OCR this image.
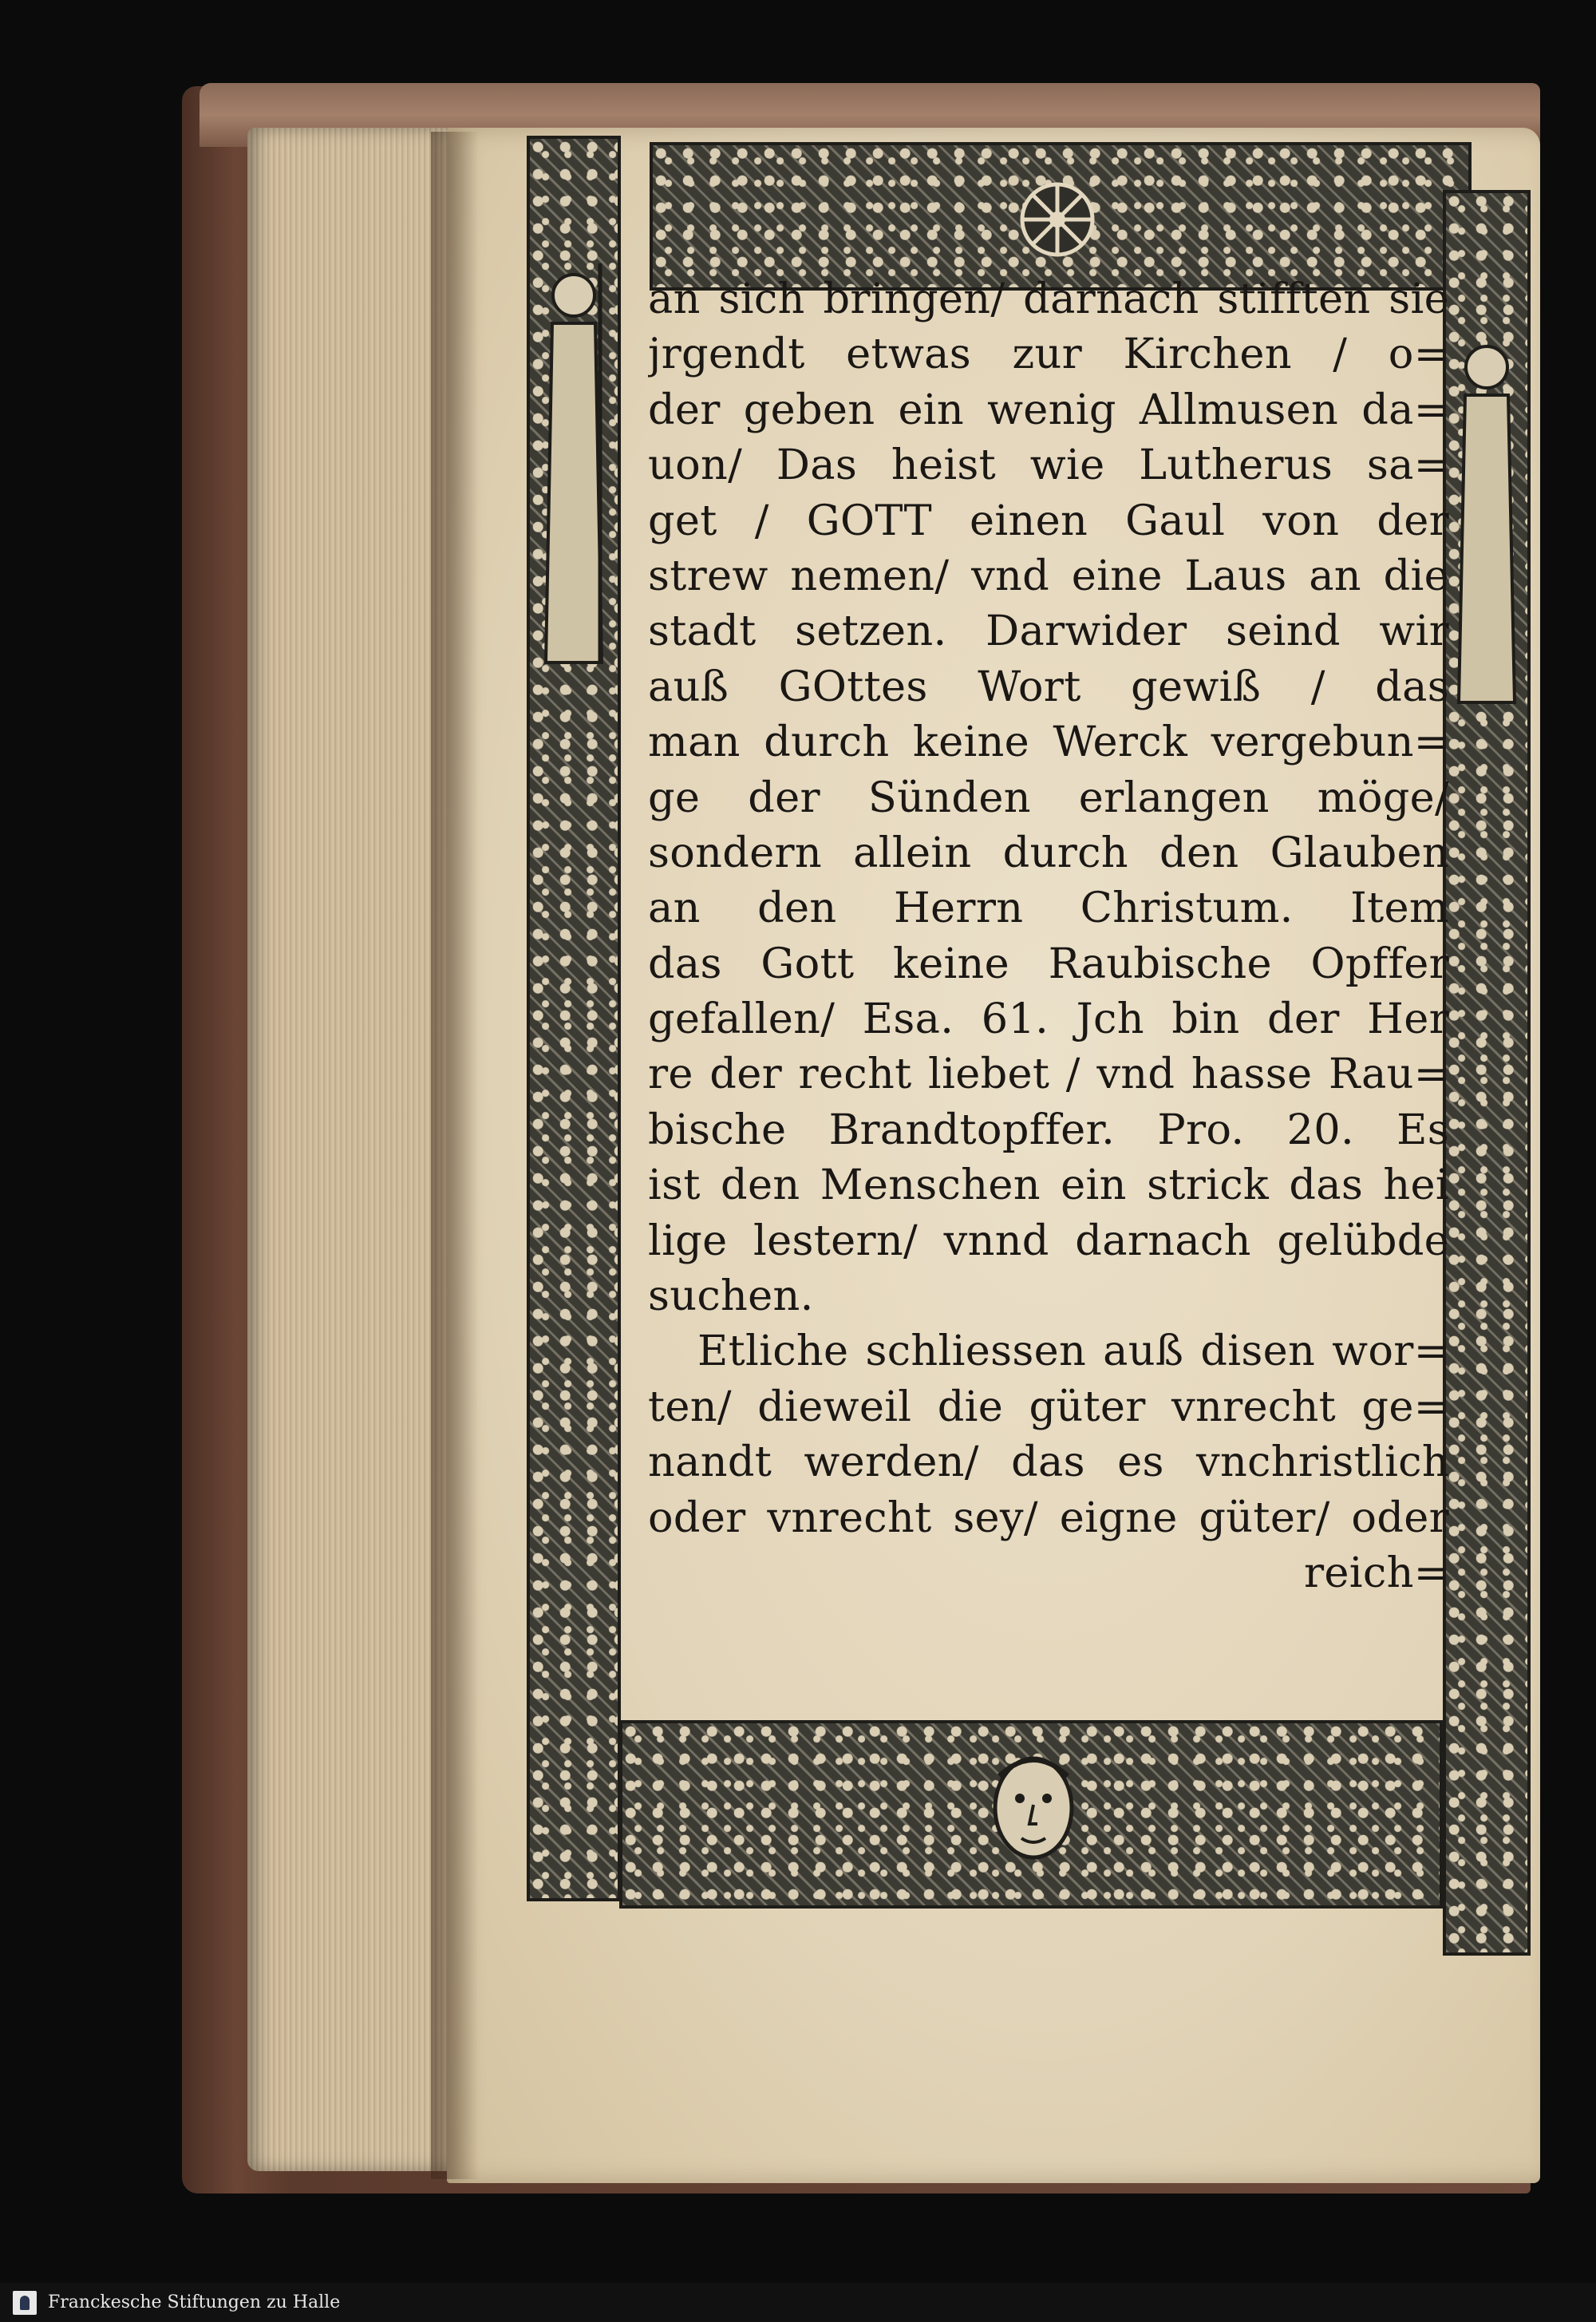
an sich bringen/ darnach stifften sie
jrgendt etwas zur Kirchen / o=
der geben ein wenig Allmusen da=
uon/ Das heist wie Lutherus sa=
get / GOTT einen Gaul von der
strew nemen/ vnd eine Laus an die
stadt setzen. Darwider seind wir
auß GOttes Wort gewiß / das
man durch keine Werck vergebun=
ge der Sünden erlangen möge/
sondern allein durch den Glauben
an den Herrn Christum. Item
das Gott keine Raubische Opffer
gefallen/ Esa. 61. Jch bin der Her
re der recht liebet / vnd hasse Rau=
bische Brandtopffer. Pro. 20. Es
ist den Menschen ein strick das hei
lige lestern/ vnnd darnach gelübde
suchen.
Etliche schliessen auß disen wor=
ten/ dieweil die güter vnrecht ge=
nandt werden/ das es vnchristlich
oder vnrecht sey/ eigne güter/ oder
reich=
Franckesche Stiftungen zu Halle
